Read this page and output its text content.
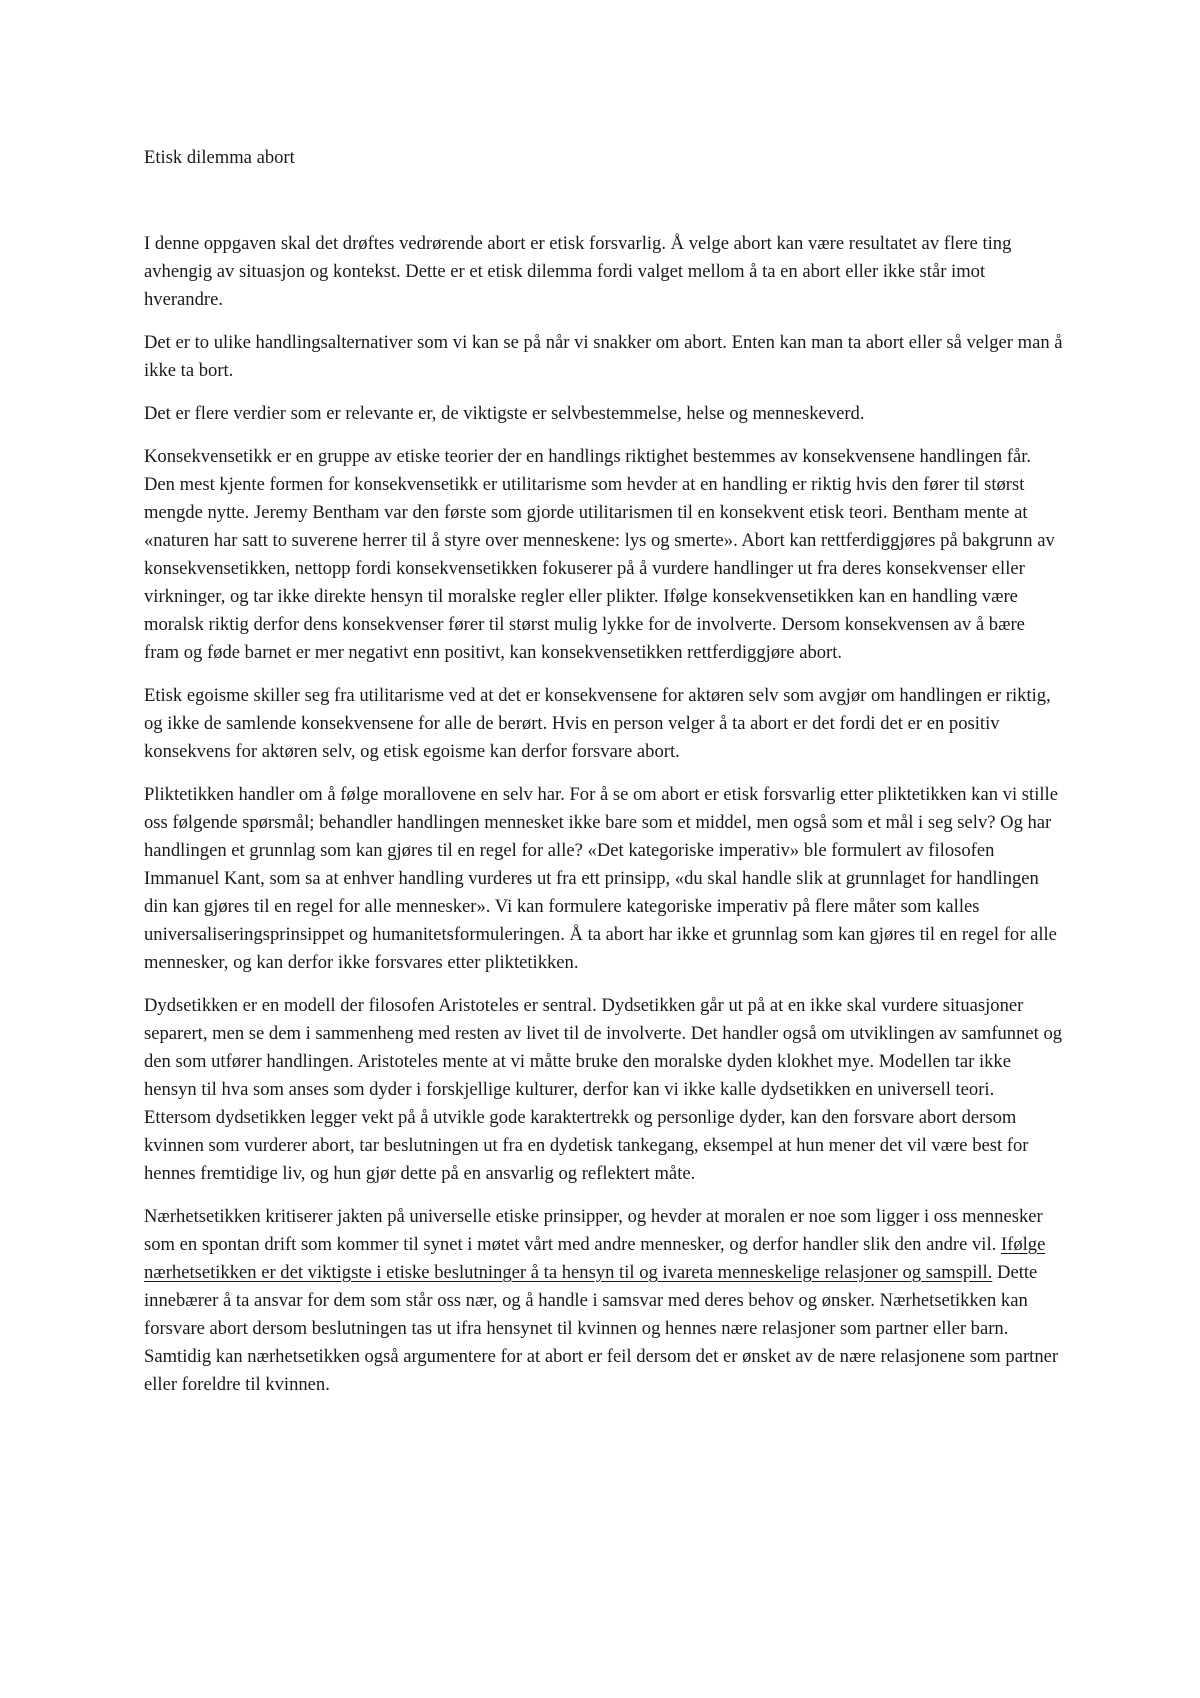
Etisk dilemma abort

I denne oppgaven skal det drøftes vedrørende abort er etisk forsvarlig. Å velge abort kan være resultatet av flere ting avhengig av situasjon og kontekst. Dette er et etisk dilemma fordi valget mellom å ta en abort eller ikke står imot hverandre.

Det er to ulike handlingsalternativer som vi kan se på når vi snakker om abort. Enten kan man ta abort eller så velger man å ikke ta bort.

Det er flere verdier som er relevante er, de viktigste er selvbestemmelse, helse og menneskeverd.

Konsekvensetikk er en gruppe av etiske teorier der en handlings riktighet bestemmes av konsekvensene handlingen får. Den mest kjente formen for konsekvensetikk er utilitarisme som hevder at en handling er riktig hvis den fører til størst mengde nytte. Jeremy Bentham var den første som gjorde utilitarismen til en konsekvent etisk teori. Bentham mente at «naturen har satt to suverene herrer til å styre over menneskene: lys og smerte». Abort kan rettferdiggjøres på bakgrunn av konsekvensetikken, nettopp fordi konsekvensetikken fokuserer på å vurdere handlinger ut fra deres konsekvenser eller virkninger, og tar ikke direkte hensyn til moralske regler eller plikter. Ifølge konsekvensetikken kan en handling være moralsk riktig derfor dens konsekvenser fører til størst mulig lykke for de involverte. Dersom konsekvensen av å bære fram og føde barnet er mer negativt enn positivt, kan konsekvensetikken rettferdiggjøre abort.

Etisk egoisme skiller seg fra utilitarisme ved at det er konsekvensene for aktøren selv som avgjør om handlingen er riktig, og ikke de samlende konsekvensene for alle de berørt. Hvis en person velger å ta abort er det fordi det er en positiv konsekvens for aktøren selv, og etisk egoisme kan derfor forsvare abort.

Pliktetikken handler om å følge morallovene en selv har. For å se om abort er etisk forsvarlig etter pliktetikken kan vi stille oss følgende spørsmål; behandler handlingen mennesket ikke bare som et middel, men også som et mål i seg selv? Og har handlingen et grunnlag som kan gjøres til en regel for alle? «Det kategoriske imperativ» ble formulert av filosofen Immanuel Kant, som sa at enhver handling vurderes ut fra ett prinsipp, «du skal handle slik at grunnlaget for handlingen din kan gjøres til en regel for alle mennesker». Vi kan formulere kategoriske imperativ på flere måter som kalles universaliseringsprinsippet og humanitetsformuleringen. Å ta abort har ikke et grunnlag som kan gjøres til en regel for alle mennesker, og kan derfor ikke forsvares etter pliktetikken.

Dydsetikken er en modell der filosofen Aristoteles er sentral. Dydsetikken går ut på at en ikke skal vurdere situasjoner separert, men se dem i sammenheng med resten av livet til de involverte. Det handler også om utviklingen av samfunnet og den som utfører handlingen. Aristoteles mente at vi måtte bruke den moralske dyden klokhet mye. Modellen tar ikke hensyn til hva som anses som dyder i forskjellige kulturer, derfor kan vi ikke kalle dydsetikken en universell teori. Ettersom dydsetikken legger vekt på å utvikle gode karaktertrekk og personlige dyder, kan den forsvare abort dersom kvinnen som vurderer abort, tar beslutningen ut fra en dydetisk tankegang, eksempel at hun mener det vil være best for hennes fremtidige liv, og hun gjør dette på en ansvarlig og reflektert måte.

Nærhetsetikken kritiserer jakten på universelle etiske prinsipper, og hevder at moralen er noe som ligger i oss mennesker som en spontan drift som kommer til synet i møtet vårt med andre mennesker, og derfor handler slik den andre vil. Ifølge nærhetsetikken er det viktigste i etiske beslutninger å ta hensyn til og ivareta menneskelige relasjoner og samspill. Dette innebærer å ta ansvar for dem som står oss nær, og å handle i samsvar med deres behov og ønsker. Nærhetsetikken kan forsvare abort dersom beslutningen tas ut ifra hensynet til kvinnen og hennes nære relasjoner som partner eller barn. Samtidig kan nærhetsetikken også argumentere for at abort er feil dersom det er ønsket av de nære relasjonene som partner eller foreldre til kvinnen.
